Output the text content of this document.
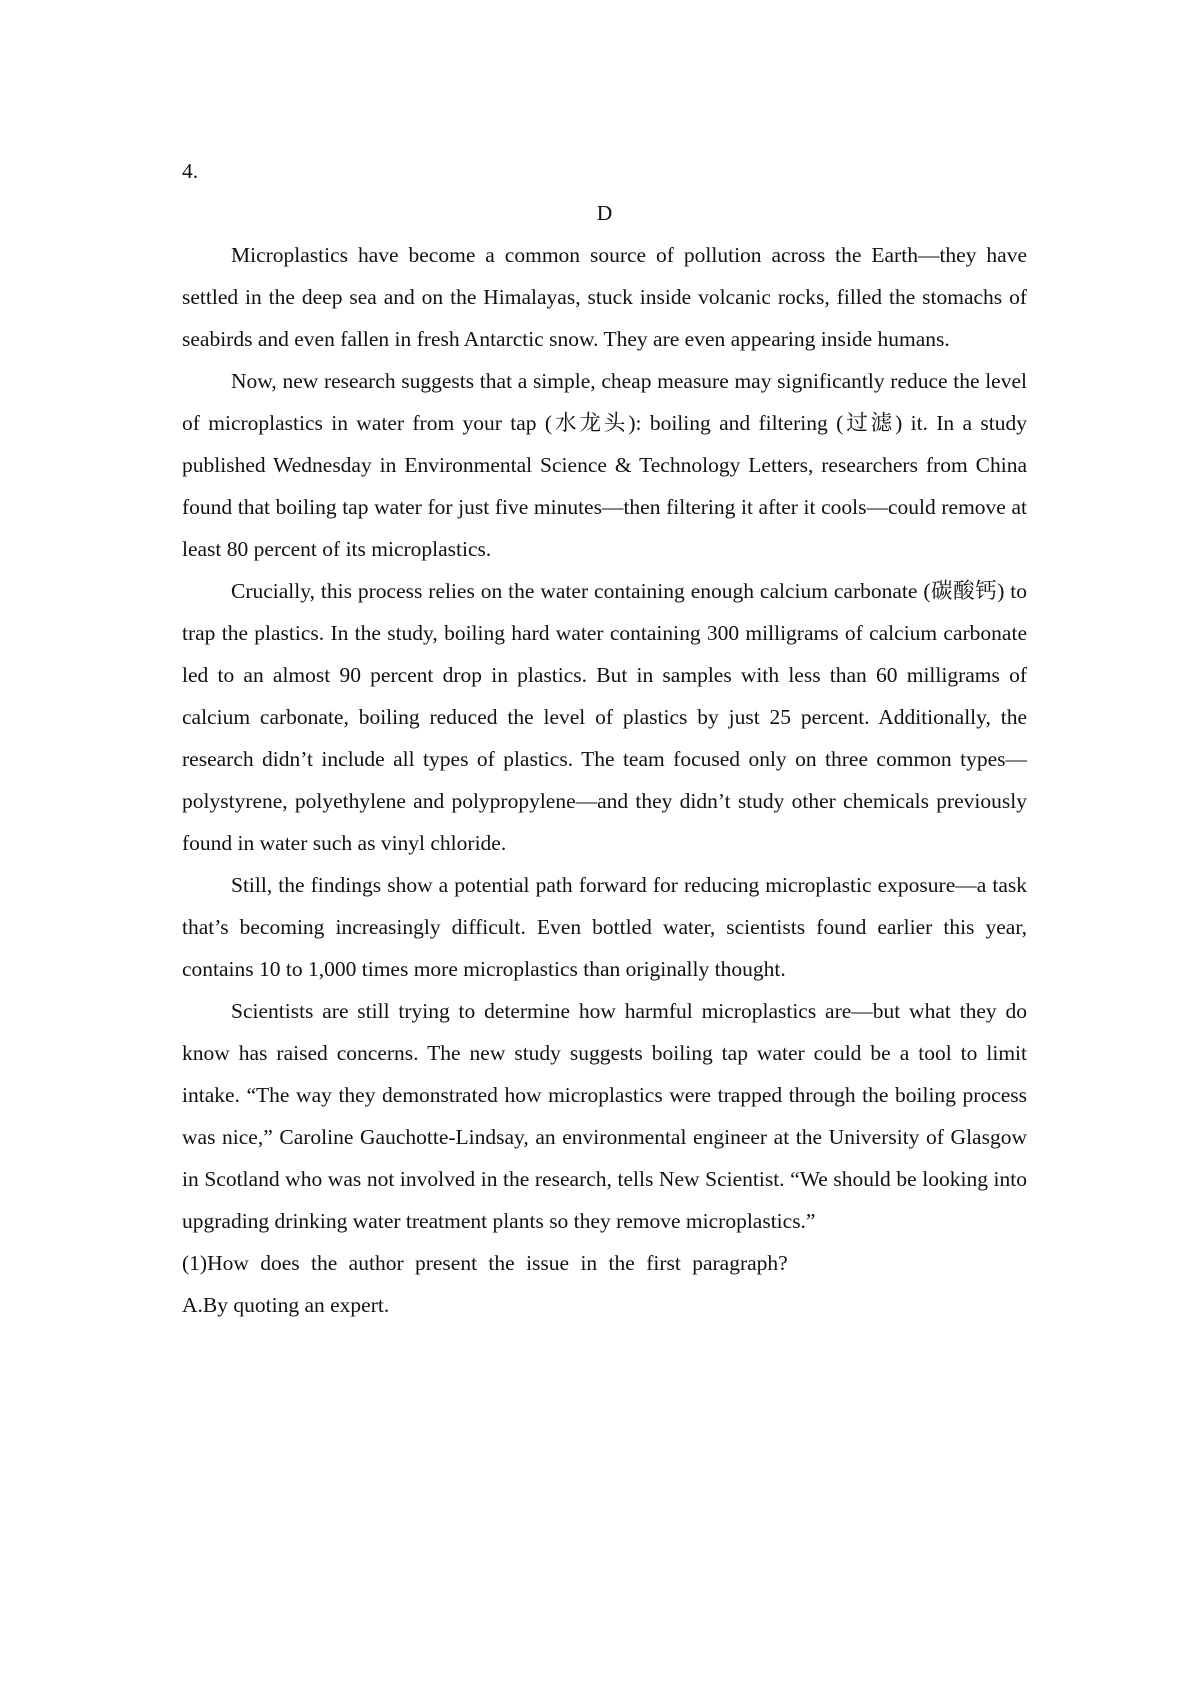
4.
D

Microplastics have become a common source of pollution across the Earth—they have settled in the deep sea and on the Himalayas, stuck inside volcanic rocks, filled the stomachs of seabirds and even fallen in fresh Antarctic snow. They are even appearing inside humans.

Now, new research suggests that a simple, cheap measure may significantly reduce the level of microplastics in water from your tap (水龙头): boiling and filtering (过滤) it. In a study published Wednesday in Environmental Science & Technology Letters, researchers from China found that boiling tap water for just five minutes—then filtering it after it cools—could remove at least 80 percent of its microplastics.

Crucially, this process relies on the water containing enough calcium carbonate (碳酸钙) to trap the plastics. In the study, boiling hard water containing 300 milligrams of calcium carbonate led to an almost 90 percent drop in plastics. But in samples with less than 60 milligrams of calcium carbonate, boiling reduced the level of plastics by just 25 percent. Additionally, the research didn’t include all types of plastics. The team focused only on three common types—polystyrene, polyethylene and polypropylene—and they didn’t study other chemicals previously found in water such as vinyl chloride.

Still, the findings show a potential path forward for reducing microplastic exposure—a task that’s becoming increasingly difficult. Even bottled water, scientists found earlier this year, contains 10 to 1,000 times more microplastics than originally thought.

Scientists are still trying to determine how harmful microplastics are—but what they do know has raised concerns. The new study suggests boiling tap water could be a tool to limit intake. “The way they demonstrated how microplastics were trapped through the boiling process was nice,” Caroline Gauchotte-Lindsay, an environmental engineer at the University of Glasgow in Scotland who was not involved in the research, tells New Scientist. “We should be looking into upgrading drinking water treatment plants so they remove microplastics.”

(1)How does the author present the issue in the first paragraph?

A.By quoting an expert.
